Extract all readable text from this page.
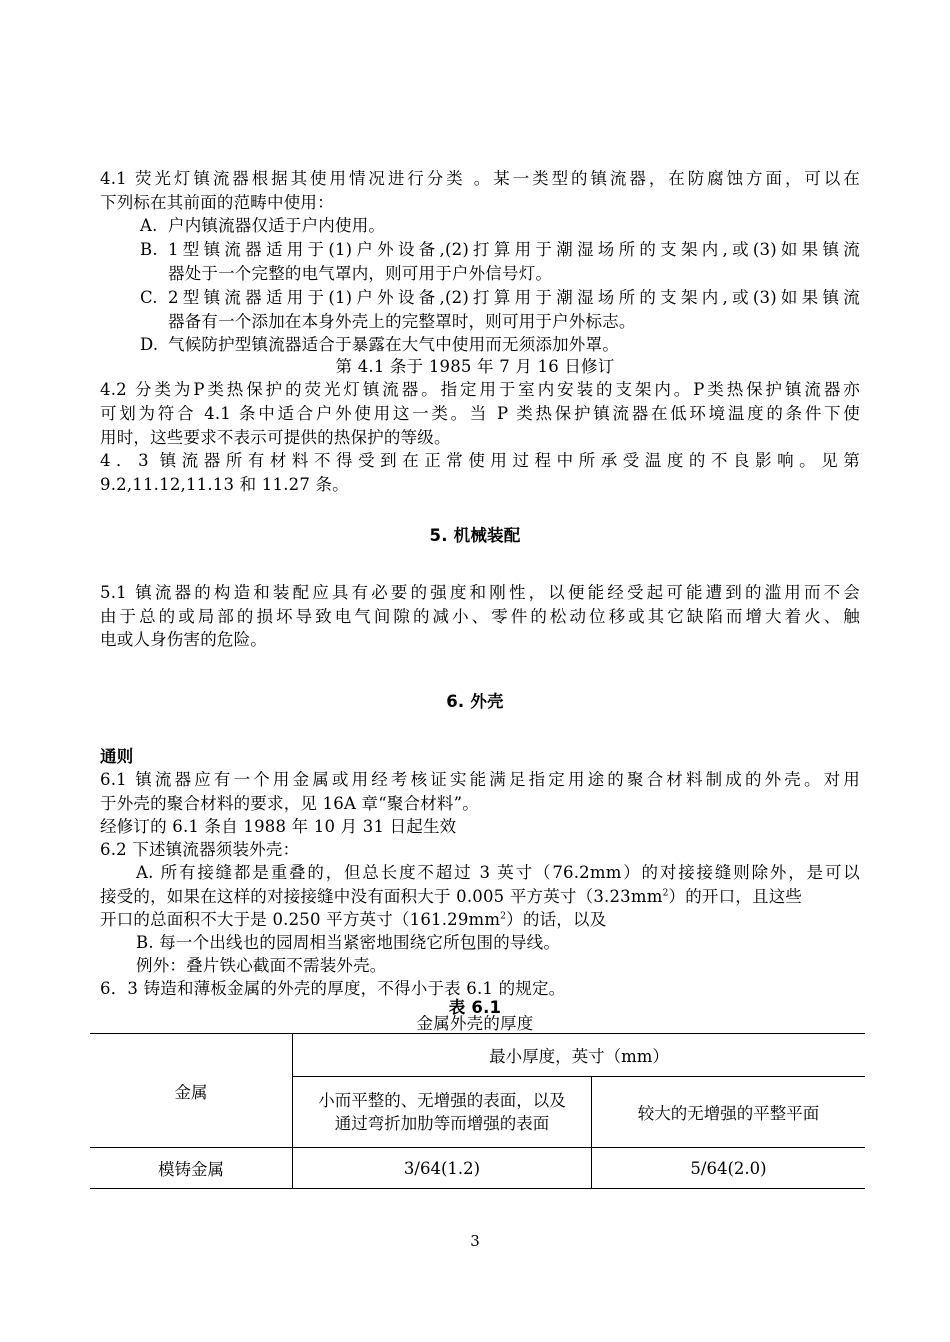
4.1 荧光灯镇流器根据其使用情况进行分类 。某一类型的镇流器，在防腐蚀方面，可以在
下列标在其前面的范畴中使用：
A. 户内镇流器仅适于户内使用。
B. 1型镇流器适用于(1)户外设备,(2)打算用于潮湿场所的支架内,或(3)如果镇流
器处于一个完整的电气罩内，则可用于户外信号灯。
C. 2型镇流器适用于(1)户外设备,(2)打算用于潮湿场所的支架内,或(3)如果镇流
器备有一个添加在本身外壳上的完整罩时，则可用于户外标志。
D. 气候防护型镇流器适合于暴露在大气中使用而无须添加外罩。
第 4.1 条于 1985 年 7 月 16 日修订
4.2 分类为P类热保护的荧光灯镇流器。指定用于室内安装的支架内。P类热保护镇流器亦
可划为符合 4.1 条中适合户外使用这一类。当 P 类热保护镇流器在低环境温度的条件下使
用时，这些要求不表示可提供的热保护的等级。
4．3 镇流器所有材料不得受到在正常使用过程中所承受温度的不良影响。见第
9.2,11.12,11.13 和 11.27 条。
5. 机械装配
5.1 镇流器的构造和装配应具有必要的强度和刚性，以便能经受起可能遭到的滥用而不会
由于总的或局部的损坏导致电气间隙的减小、零件的松动位移或其它缺陷而增大着火、触
电或人身伤害的危险。
6. 外壳
通则
6.1 镇流器应有一个用金属或用经考核证实能满足指定用途的聚合材料制成的外壳。对用
于外壳的聚合材料的要求，见 16A 章“聚合材料”。
经修订的 6.1 条自 1988 年 10 月 31 日起生效
6.2 下述镇流器须装外壳：
A. 所有接缝都是重叠的，但总长度不超过 3 英寸（76.2mm）的对接接缝则除外，是可以
接受的，如果在这样的对接接缝中没有面积大于 0.005 平方英寸$(3.23mm^2)$的开口，且这些
开口的总面积不大于是 0.250 平方英寸$(161.29mm^2)$的话，以及
B. 每一个出线也的园周相当紧密地围绕它所包围的导线。
例外：叠片铁心截面不需装外壳。
6．3 铸造和薄板金属的外壳的厚度，不得小于表 6.1 的规定。
表 6.1
金属外壳的厚度
金属	最小厚度，英寸（mm）	

	小而平整的、无增强的表面，以及
通过弯折加肋等而增强的表面	较大的无增强的平整平面
模铸金属	3/64(1.2)	5/64(2.0)
3
